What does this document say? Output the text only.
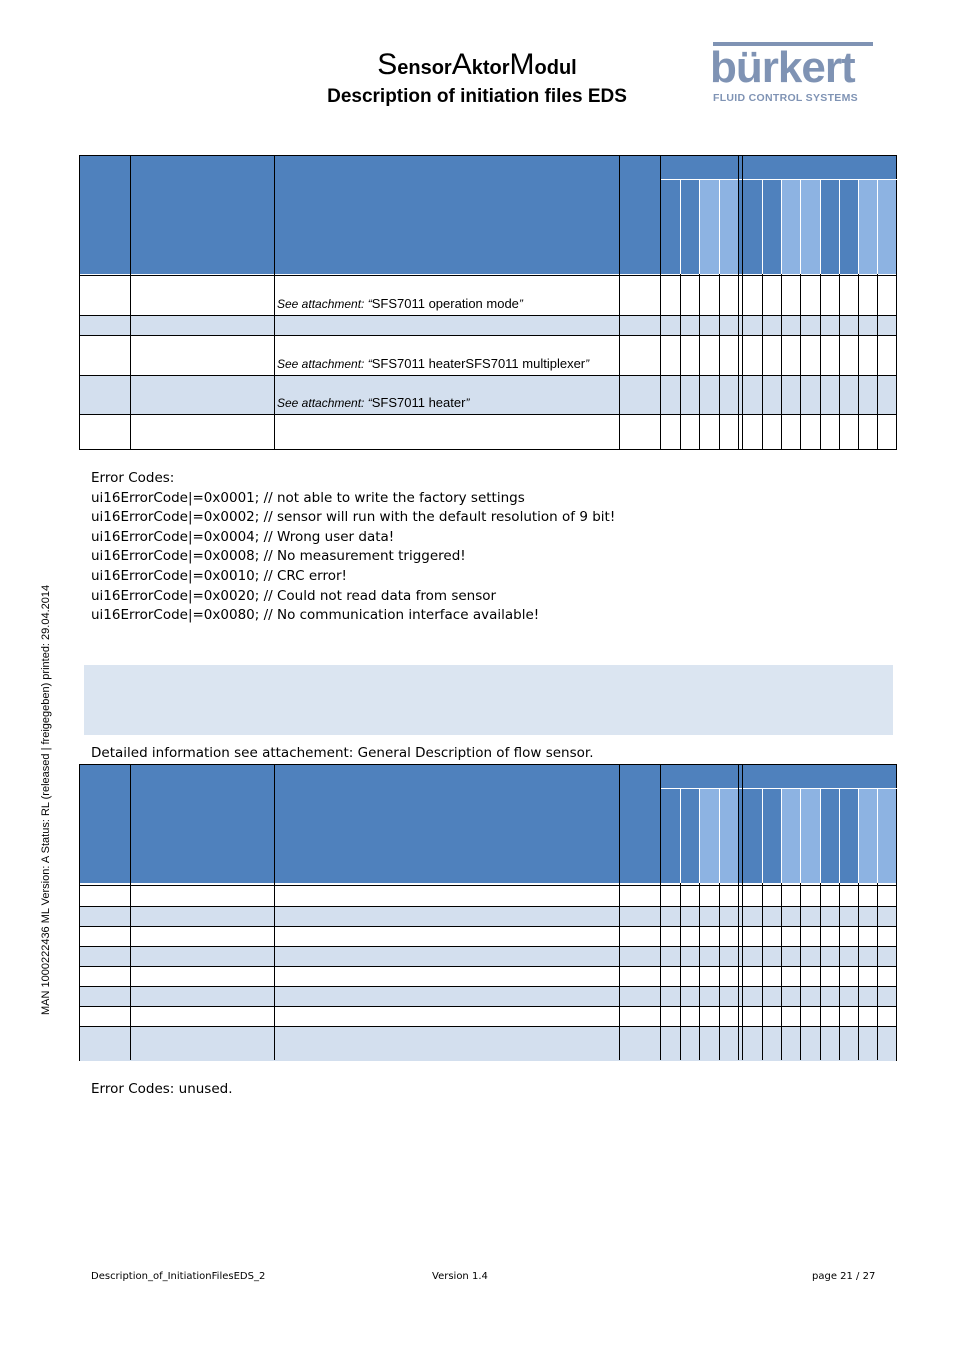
SensorAktorModul
Description of initiation files EDS
bürkert
FLUID CONTROL SYSTEMS
MAN 1000222436 ML Version: A Status: RL (released | freigegeben) printed: 29.04.2014
See attachment: “SFS7011 operation mode”
See attachment: “SFS7011 heaterSFS7011 multiplexer”
See attachment: “SFS7011 heater”
Error Codes:
ui16ErrorCode|=0x0001; // not able to write the factory settings
ui16ErrorCode|=0x0002; // sensor will run with the default resolution of 9 bit!
ui16ErrorCode|=0x0004; // Wrong user data!
ui16ErrorCode|=0x0008; // No measurement triggered!
ui16ErrorCode|=0x0010; // CRC error!
ui16ErrorCode|=0x0020; // Could not read data from sensor
ui16ErrorCode|=0x0080; // No communication interface available!
Detailed information see attachement: General Description of flow sensor.
Error Codes: unused.
Description_of_InitiationFilesEDS_2	Version 1.4	page 21 / 27
